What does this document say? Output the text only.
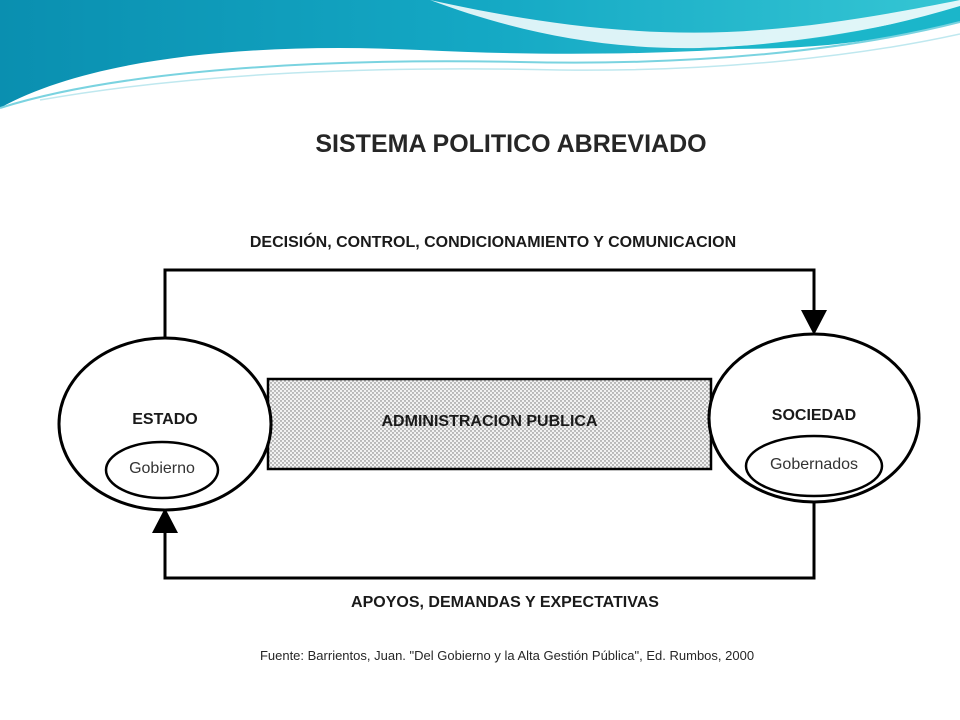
SISTEMA POLITICO ABREVIADO
DECISIÓN, CONTROL, CONDICIONAMIENTO Y COMUNICACION
ESTADO
Gobierno
ADMINISTRACION PUBLICA	SOCIEDAD
Gobernados
APOYOS, DEMANDAS Y EXPECTATIVAS
Fuente: Barrientos, Juan. "Del Gobierno y la Alta Gestión Pública", Ed. Rumbos, 2000
